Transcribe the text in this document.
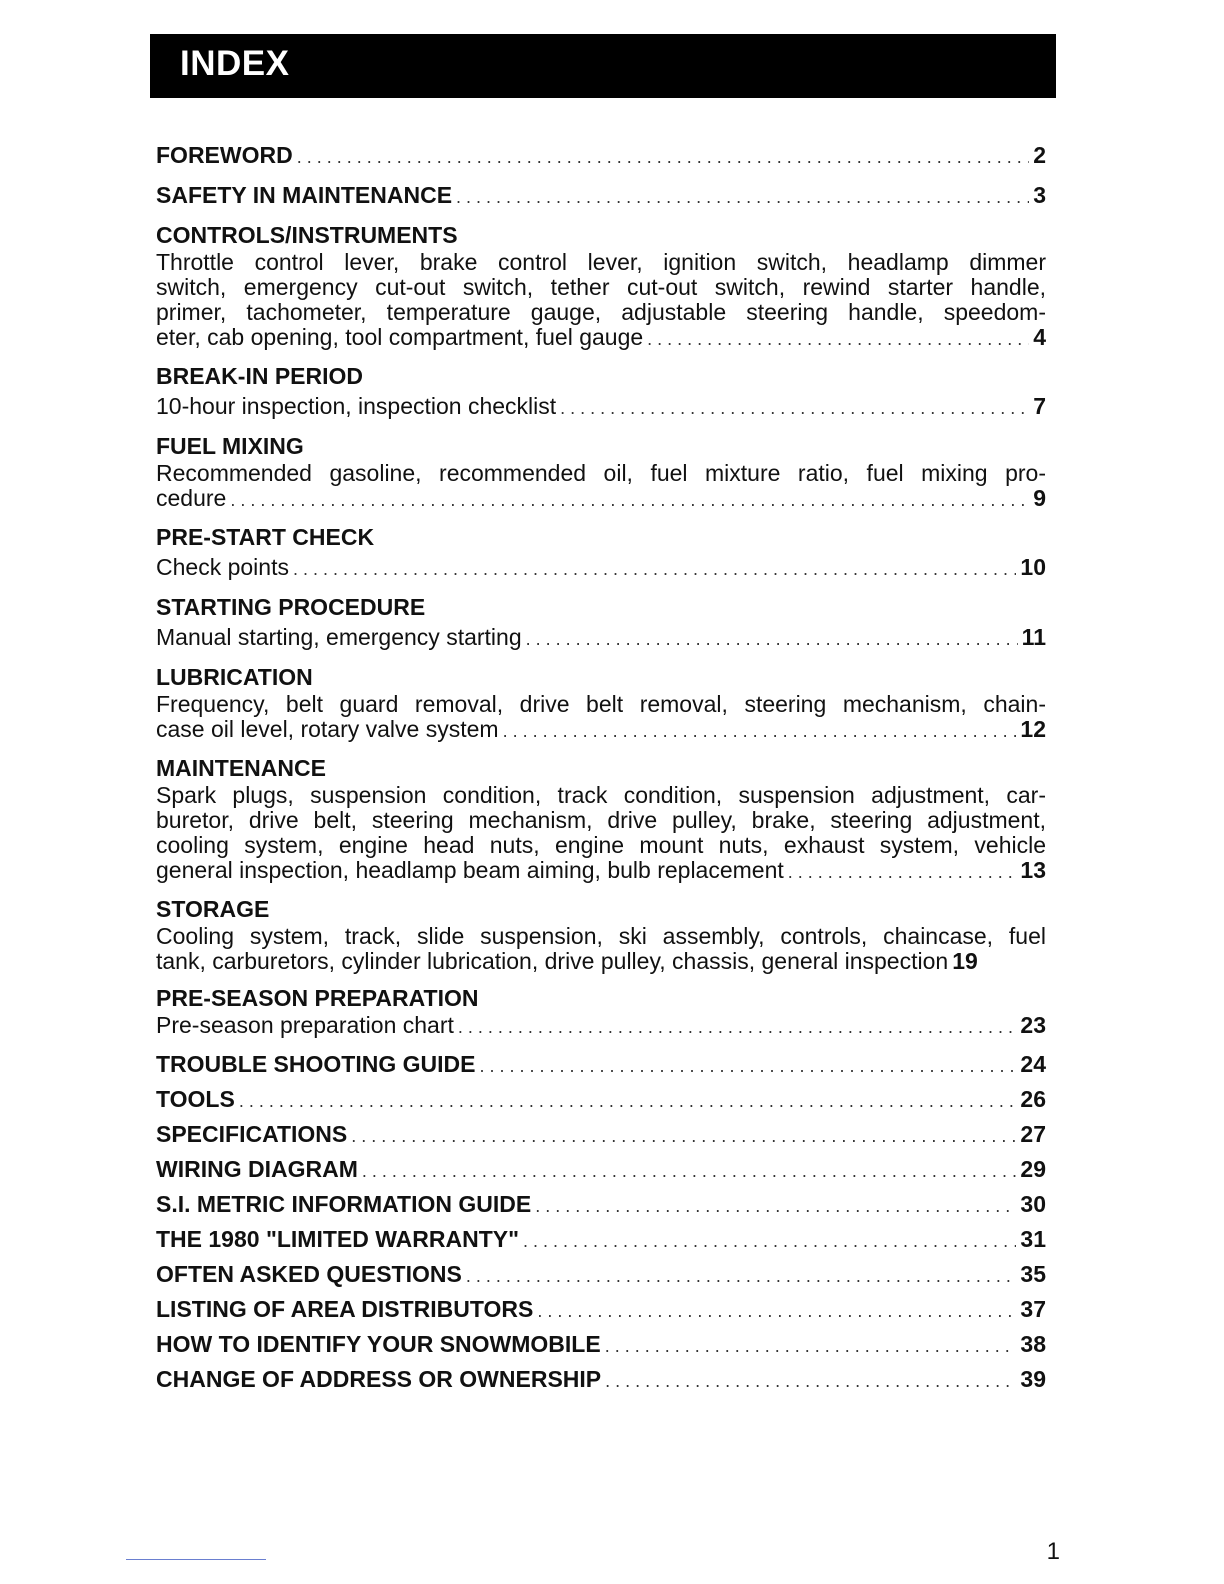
INDEX
FOREWORD .....	2
SAFETY IN MAINTENANCE .....	3
CONTROLS/INSTRUMENTS
Throttle control lever, brake control lever, ignition switch, headlamp dimmer
switch, emergency cut-out switch, tether cut-out switch, rewind starter handle,
primer, tachometer, temperature gauge, adjustable steering handle, speedom-
eter, cab opening, tool compartment, fuel gauge .....	4
BREAK-IN PERIOD
10-hour inspection, inspection checklist .....	7
FUEL MIXING
Recommended gasoline, recommended oil, fuel mixture ratio, fuel mixing pro-
cedure .....	9
PRE-START CHECK
Check points .....	10
STARTING PROCEDURE
Manual starting, emergency starting .....	11
LUBRICATION
Frequency, belt guard removal, drive belt removal, steering mechanism, chain-
case oil level, rotary valve system .....	12
MAINTENANCE
Spark plugs, suspension condition, track condition, suspension adjustment, car-
buretor, drive belt, steering mechanism, drive pulley, brake, steering adjustment,
cooling system, engine head nuts, engine mount nuts, exhaust system, vehicle
general inspection, headlamp beam aiming, bulb replacement .....	13
STORAGE
Cooling system, track, slide suspension, ski assembly, controls, chaincase, fuel
tank, carburetors, cylinder lubrication, drive pulley, chassis, general inspection 19
PRE-SEASON PREPARATION
Pre-season preparation chart .....	23
TROUBLE SHOOTING GUIDE .....	24
TOOLS .....	26
SPECIFICATIONS .....	27
WIRING DIAGRAM .....	29
S.I. METRIC INFORMATION GUIDE .....	30
THE 1980 "LIMITED WARRANTY" .....	31
OFTEN ASKED QUESTIONS .....	35
LISTING OF AREA DISTRIBUTORS .....	37
HOW TO IDENTIFY YOUR SNOWMOBILE .....	38
CHANGE OF ADDRESS OR OWNERSHIP .....	39
1
